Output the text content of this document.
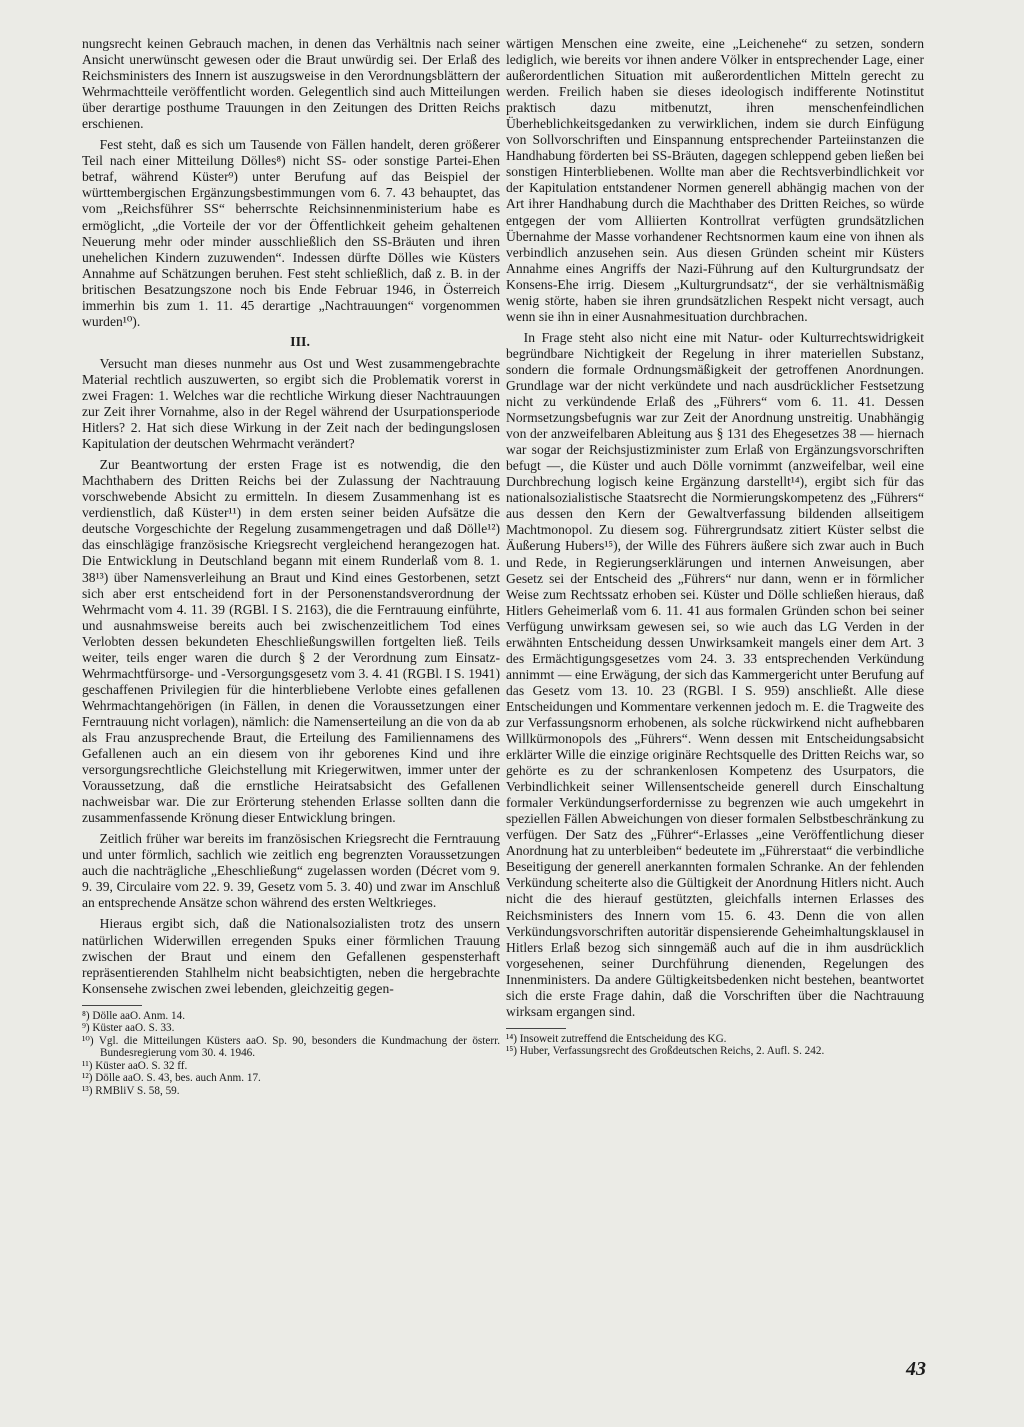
nungsrecht keinen Gebrauch machen, in denen das Verhältnis nach seiner Ansicht unerwünscht gewesen oder die Braut unwürdig sei. Der Erlaß des Reichsministers des Innern ist auszugsweise in den Verordnungsblättern der Wehrmachtteile veröffentlicht worden. Gelegentlich sind auch Mitteilungen über derartige posthume Trauungen in den Zeitungen des Dritten Reichs erschienen.

Fest steht, daß es sich um Tausende von Fällen handelt, deren größerer Teil nach einer Mitteilung Dölles⁸) nicht SS- oder sonstige Partei-Ehen betraf, während Küster⁹) unter Berufung auf das Beispiel der württembergischen Ergänzungsbestimmungen vom 6. 7. 43 behauptet, das vom „Reichsführer SS“ beherrschte Reichsinnenministerium habe es ermöglicht, „die Vorteile der vor der Öffentlichkeit geheim gehaltenen Neuerung mehr oder minder ausschließlich den SS-Bräuten und ihren unehelichen Kindern zuzuwenden“. Indessen dürfte Dölles wie Küsters Annahme auf Schätzungen beruhen. Fest steht schließlich, daß z. B. in der britischen Besatzungszone noch bis Ende Februar 1946, in Österreich immerhin bis zum 1. 11. 45 derartige „Nachtrauungen“ vorgenommen wurden¹⁰).

III.

Versucht man dieses nunmehr aus Ost und West zusammengebrachte Material rechtlich auszuwerten, so ergibt sich die Problematik vorerst in zwei Fragen: 1. Welches war die rechtliche Wirkung dieser Nachtrauungen zur Zeit ihrer Vornahme, also in der Regel während der Usurpationsperiode Hitlers? 2. Hat sich diese Wirkung in der Zeit nach der bedingungslosen Kapitulation der deutschen Wehrmacht verändert?

Zur Beantwortung der ersten Frage ist es notwendig, die den Machthabern des Dritten Reichs bei der Zulassung der Nachtrauung vorschwebende Absicht zu ermitteln. In diesem Zusammenhang ist es verdienstlich, daß Küster¹¹) in dem ersten seiner beiden Aufsätze die deutsche Vorgeschichte der Regelung zusammengetragen und daß Dölle¹²) das einschlägige französische Kriegsrecht vergleichend herangezogen hat. Die Entwicklung in Deutschland begann mit einem Runderlaß vom 8. 1. 38¹³) über Namensverleihung an Braut und Kind eines Gestorbenen, setzt sich aber erst entscheidend fort in der Personenstandsverordnung der Wehrmacht vom 4. 11. 39 (RGBl. I S. 2163), die die Ferntrauung einführte, und ausnahmsweise bereits auch bei zwischenzeitlichem Tod eines Verlobten dessen bekundeten Eheschließungswillen fortgelten ließ. Teils weiter, teils enger waren die durch § 2 der Verordnung zum Einsatz-Wehrmachtfürsorge- und -Versorgungsgesetz vom 3. 4. 41 (RGBl. I S. 1941) geschaffenen Privilegien für die hinterbliebene Verlobte eines gefallenen Wehrmachtangehörigen (in Fällen, in denen die Voraussetzungen einer Ferntrauung nicht vorlagen), nämlich: die Namenserteilung an die von da ab als Frau anzusprechende Braut, die Erteilung des Familiennamens des Gefallenen auch an ein diesem von ihr geborenes Kind und ihre versorgungsrechtliche Gleichstellung mit Kriegerwitwen, immer unter der Voraussetzung, daß die ernstliche Heiratsabsicht des Gefallenen nachweisbar war. Die zur Erörterung stehenden Erlasse sollten dann die zusammenfassende Krönung dieser Entwicklung bringen.

Zeitlich früher war bereits im französischen Kriegsrecht die Ferntrauung und unter förmlich, sachlich wie zeitlich eng begrenzten Voraussetzungen auch die nachträgliche „Eheschließung“ zugelassen worden (Décret vom 9. 9. 39, Circulaire vom 22. 9. 39, Gesetz vom 5. 3. 40) und zwar im Anschluß an entsprechende Ansätze schon während des ersten Weltkrieges.

Hieraus ergibt sich, daß die Nationalsozialisten trotz des unsern natürlichen Widerwillen erregenden Spuks einer förmlichen Trauung zwischen der Braut und einem den Gefallenen gespensterhaft repräsentierenden Stahlhelm nicht beabsichtigten, neben die hergebrachte Konsensehe zwischen zwei lebenden, gleichzeitig gegen-

⁸) Dölle aaO. Anm. 14.
⁹) Küster aaO. S. 33.
¹⁰) Vgl. die Mitteilungen Küsters aaO. Sp. 90, besonders die Kundmachung der österr. Bundesregierung vom 30. 4. 1946.
¹¹) Küster aaO. S. 32 ff.
¹²) Dölle aaO. S. 43, bes. auch Anm. 17.
¹³) RMBliV S. 58, 59.

wärtigen Menschen eine zweite, eine „Leichenehe“ zu setzen, sondern lediglich, wie bereits vor ihnen andere Völker in entsprechender Lage, einer außerordentlichen Situation mit außerordentlichen Mitteln gerecht zu werden. Freilich haben sie dieses ideologisch indifferente Notinstitut praktisch dazu mitbenutzt, ihren menschenfeindlichen Überheblichkeitsgedanken zu verwirklichen, indem sie durch Einfügung von Sollvorschriften und Einspannung entsprechender Parteiinstanzen die Handhabung förderten bei SS-Bräuten, dagegen schleppend geben ließen bei sonstigen Hinterbliebenen. Wollte man aber die Rechtsverbindlichkeit vor der Kapitulation entstandener Normen generell abhängig machen von der Art ihrer Handhabung durch die Machthaber des Dritten Reiches, so würde entgegen der vom Alliierten Kontrollrat verfügten grundsätzlichen Übernahme der Masse vorhandener Rechtsnormen kaum eine von ihnen als verbindlich anzusehen sein. Aus diesen Gründen scheint mir Küsters Annahme eines Angriffs der Nazi-Führung auf den Kulturgrundsatz der Konsens-Ehe irrig. Diesem „Kulturgrundsatz“, der sie verhältnismäßig wenig störte, haben sie ihren grundsätzlichen Respekt nicht versagt, auch wenn sie ihn in einer Ausnahmesituation durchbrachen.

In Frage steht also nicht eine mit Natur- oder Kulturrechtswidrigkeit begründbare Nichtigkeit der Regelung in ihrer materiellen Substanz, sondern die formale Ordnungsmäßigkeit der getroffenen Anordnungen. Grundlage war der nicht verkündete und nach ausdrücklicher Festsetzung nicht zu verkündende Erlaß des „Führers“ vom 6. 11. 41. Dessen Normsetzungsbefugnis war zur Zeit der Anordnung unstreitig. Unabhängig von der anzweifelbaren Ableitung aus § 131 des Ehegesetzes 38 — hiernach war sogar der Reichsjustizminister zum Erlaß von Ergänzungsvorschriften befugt —, die Küster und auch Dölle vornimmt (anzweifelbar, weil eine Durchbrechung logisch keine Ergänzung darstellt¹⁴), ergibt sich für das nationalsozialistische Staatsrecht die Normierungskompetenz des „Führers“ aus dessen den Kern der Gewaltverfassung bildenden allseitigem Machtmonopol. Zu diesem sog. Führergrundsatz zitiert Küster selbst die Äußerung Hubers¹⁵), der Wille des Führers äußere sich zwar auch in Buch und Rede, in Regierungserklärungen und internen Anweisungen, aber Gesetz sei der Entscheid des „Führers“ nur dann, wenn er in förmlicher Weise zum Rechtssatz erhoben sei. Küster und Dölle schließen hieraus, daß Hitlers Geheimerlaß vom 6. 11. 41 aus formalen Gründen schon bei seiner Verfügung unwirksam gewesen sei, so wie auch das LG Verden in der erwähnten Entscheidung dessen Unwirksamkeit mangels einer dem Art. 3 des Ermächtigungsgesetzes vom 24. 3. 33 entsprechenden Verkündung annimmt — eine Erwägung, der sich das Kammergericht unter Berufung auf das Gesetz vom 13. 10. 23 (RGBl. I S. 959) anschließt. Alle diese Entscheidungen und Kommentare verkennen jedoch m. E. die Tragweite des zur Verfassungsnorm erhobenen, als solche rückwirkend nicht aufhebbaren Willkürmonopols des „Führers“. Wenn dessen mit Entscheidungsabsicht erklärter Wille die einzige originäre Rechtsquelle des Dritten Reichs war, so gehörte es zu der schrankenlosen Kompetenz des Usurpators, die Verbindlichkeit seiner Willensentscheide generell durch Einschaltung formaler Verkündungserfordernisse zu begrenzen wie auch umgekehrt in speziellen Fällen Abweichungen von dieser formalen Selbstbeschränkung zu verfügen. Der Satz des „Führer“-Erlasses „eine Veröffentlichung dieser Anordnung hat zu unterbleiben“ bedeutete im „Führerstaat“ die verbindliche Beseitigung der generell anerkannten formalen Schranke. An der fehlenden Verkündung scheiterte also die Gültigkeit der Anordnung Hitlers nicht. Auch nicht die des hierauf gestützten, gleichfalls internen Erlasses des Reichsministers des Innern vom 15. 6. 43. Denn die von allen Verkündungsvorschriften autoritär dispensierende Geheimhaltungsklausel in Hitlers Erlaß bezog sich sinngemäß auch auf die in ihm ausdrücklich vorgesehenen, seiner Durchführung dienenden, Regelungen des Innenministers. Da andere Gültigkeitsbedenken nicht bestehen, beantwortet sich die erste Frage dahin, daß die Vorschriften über die Nachtrauung wirksam ergangen sind.

¹⁴) Insoweit zutreffend die Entscheidung des KG.
¹⁵) Huber, Verfassungsrecht des Großdeutschen Reichs, 2. Aufl. S. 242.
43
